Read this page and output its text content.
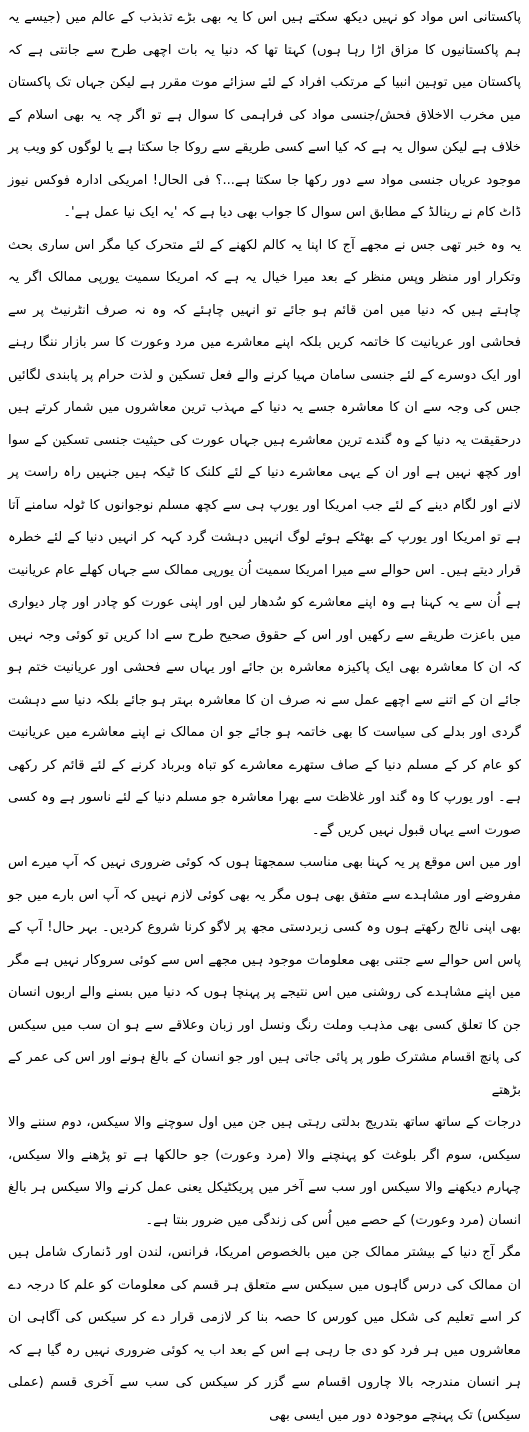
پاکستانی اس مواد کو نہیں دیکھ سکتے ہیں اس کا یہ بھی بڑے تذبذب کے عالم میں (جیسے یہ ہم پاکستانیوں کا مزاق اڑا رہا ہوں) کہتا تھا کہ دنیا یہ بات اچھی طرح سے جانتی ہے کہ پاکستان میں توہین انبیا کے مرتکب افراد کے لئے سزائے موت مقرر ہے لیکن جہاں تک پاکستان میں مخرب الاخلاق فحش/جنسی مواد کی فراہمی کا سوال ہے تو اگر چہ یہ بھی اسلام کے خلاف ہے لیکن سوال یہ ہے کہ کیا اسے کسی طریقے سے روکا جا سکتا ہے یا لوگوں کو ویب پر موجود عریاں جنسی مواد سے دور رکھا جا سکتا ہے...؟ فی الحال! امریکی ادارہ فوکس نیوز ڈاٹ کام نے رینالڈ کے مطابق اس سوال کا جواب بھی دیا ہے کہ 'یہ ایک نیا عمل ہے'۔

یہ وہ خبر تھی جس نے مجھے آج کا اپنا یہ کالم لکھنے کے لئے متحرک کیا مگر اس ساری بحث وتکرار اور منظر وپس منظر کے بعد میرا خیال یہ ہے کہ امریکا سمیت یورپی ممالک اگر یہ چاہتے ہیں کہ دنیا میں امن قائم ہو جائے تو انہیں چاہئے کہ وہ نہ صرف انٹرنیٹ پر سے فحاشی اور عریانیت کا خاتمہ کریں بلکہ اپنے معاشرے میں مرد وعورت کا سر بازار ننگا رہنے اور ایک دوسرے کے لئے جنسی سامان مہیا کرنے والے فعل تسکین و لذت حرام پر پابندی لگائیں جس کی وجہ سے ان کا معاشرہ جسے یہ دنیا کے مہذب ترین معاشروں میں شمار کرتے ہیں درحقیقت یہ دنیا کے وہ گندے ترین معاشرے ہیں جہاں عورت کی حیثیت جنسی تسکین کے سوا اور کچھ نہیں ہے اور ان کے یہی معاشرے دنیا کے لئے کلنک کا ٹیکہ ہیں جنہیں راہ راست پر لانے اور لگام دینے کے لئے جب امریکا اور یورپ ہی سے کچھ مسلم نوجوانوں کا ٹولہ سامنے آتا ہے تو امریکا اور یورپ کے بھٹکے ہوئے لوگ انہیں دہشت گرد کہہ کر انہیں دنیا کے لئے خطرہ قرار دیتے ہیں۔ اس حوالے سے میرا امریکا سمیت اُن یورپی ممالک سے جہاں کھلے عام عریانیت ہے اُن سے یہ کہنا ہے وہ اپنے معاشرے کو سُدھار لیں اور اپنی عورت کو چادر اور چار دیواری میں باعزت طریقے سے رکھیں اور اس کے حقوق صحیح طرح سے ادا کریں تو کوئی وجہ نہیں کہ ان کا معاشرہ بھی ایک پاکیزہ معاشرہ بن جائے اور یہاں سے فحشی اور عریانیت ختم ہو جائے ان کے اتنے سے اچھے عمل سے نہ صرف ان کا معاشرہ بہتر ہو جائے بلکہ دنیا سے دہشت گردی اور بدلے کی سیاست کا بھی خاتمہ ہو جائے جو ان ممالک نے اپنے معاشرے میں عریانیت کو عام کر کے مسلم دنیا کے صاف ستھرے معاشرے کو تباہ وبرباد کرنے کے لئے قائم کر رکھی ہے۔ اور یورپ کا وہ گند اور غلاظت سے بھرا معاشرہ جو مسلم دنیا کے لئے ناسور ہے وہ کسی صورت اسے یہاں قبول نہیں کریں گے۔

اور میں اس موقع پر یہ کہنا بھی مناسب سمجھتا ہوں کہ کوئی ضروری نہیں کہ آپ میرے اس مفروضے اور مشاہدے سے متفق بھی ہوں مگر یہ بھی کوئی لازم نہیں کہ آپ اس بارے میں جو بھی اپنی نالج رکھتے ہوں وہ کسی زبردستی مجھ پر لاگو کرنا شروع کردیں۔ بہر حال! آپ کے پاس اس حوالے سے جتنی بھی معلومات موجود ہیں مجھے اس سے کوئی سروکار نہیں ہے مگر میں اپنے مشاہدے کی روشنی میں اس نتیجے پر پہنچا ہوں کہ دنیا میں بسنے والے اربوں انسان جن کا تعلق کسی بھی مذہب وملت رنگ ونسل اور زبان وعلاقے سے ہو ان سب میں سیکس کی پانچ اقسام مشترک طور پر پائی جاتی ہیں اور جو انسان کے بالغ ہونے اور اس کی عمر کے بڑھتے

درجات کے ساتھ ساتھ بتدریج بدلتی رہتی ہیں جن میں اول سوچنے والا سیکس، دوم سننے والا سیکس، سوم اگر بلوغت کو پہنچنے والا (مرد وعورت) جو حالکھا ہے تو پڑھنے والا سیکس، چہارم دیکھنے والا سیکس اور سب سے آخر میں پریکٹیکل یعنی عمل کرنے والا سیکس ہر بالغ انسان (مرد وعورت) کے حصے میں اُس کی زندگی میں ضرور بنتا ہے۔

مگر آج دنیا کے بیشتر ممالک جن میں بالخصوص امریکا، فرانس، لندن اور ڈنمارک شامل ہیں ان ممالک کی درس گاہوں میں سیکس سے متعلق ہر قسم کی معلومات کو علم کا درجہ دے کر اسے تعلیم کی شکل میں کورس کا حصہ بنا کر لازمی قرار دے کر سیکس کی آگاہی ان معاشروں میں ہر فرد کو دی جا رہی ہے اس کے بعد اب یہ کوئی ضروری نہیں رہ گیا ہے کہ ہر انسان مندرجہ بالا چاروں اقسام سے گزر کر سیکس کی سب سے آخری قسم (عملی سیکس) تک پہنچے موجودہ دور میں ایسی بھی
